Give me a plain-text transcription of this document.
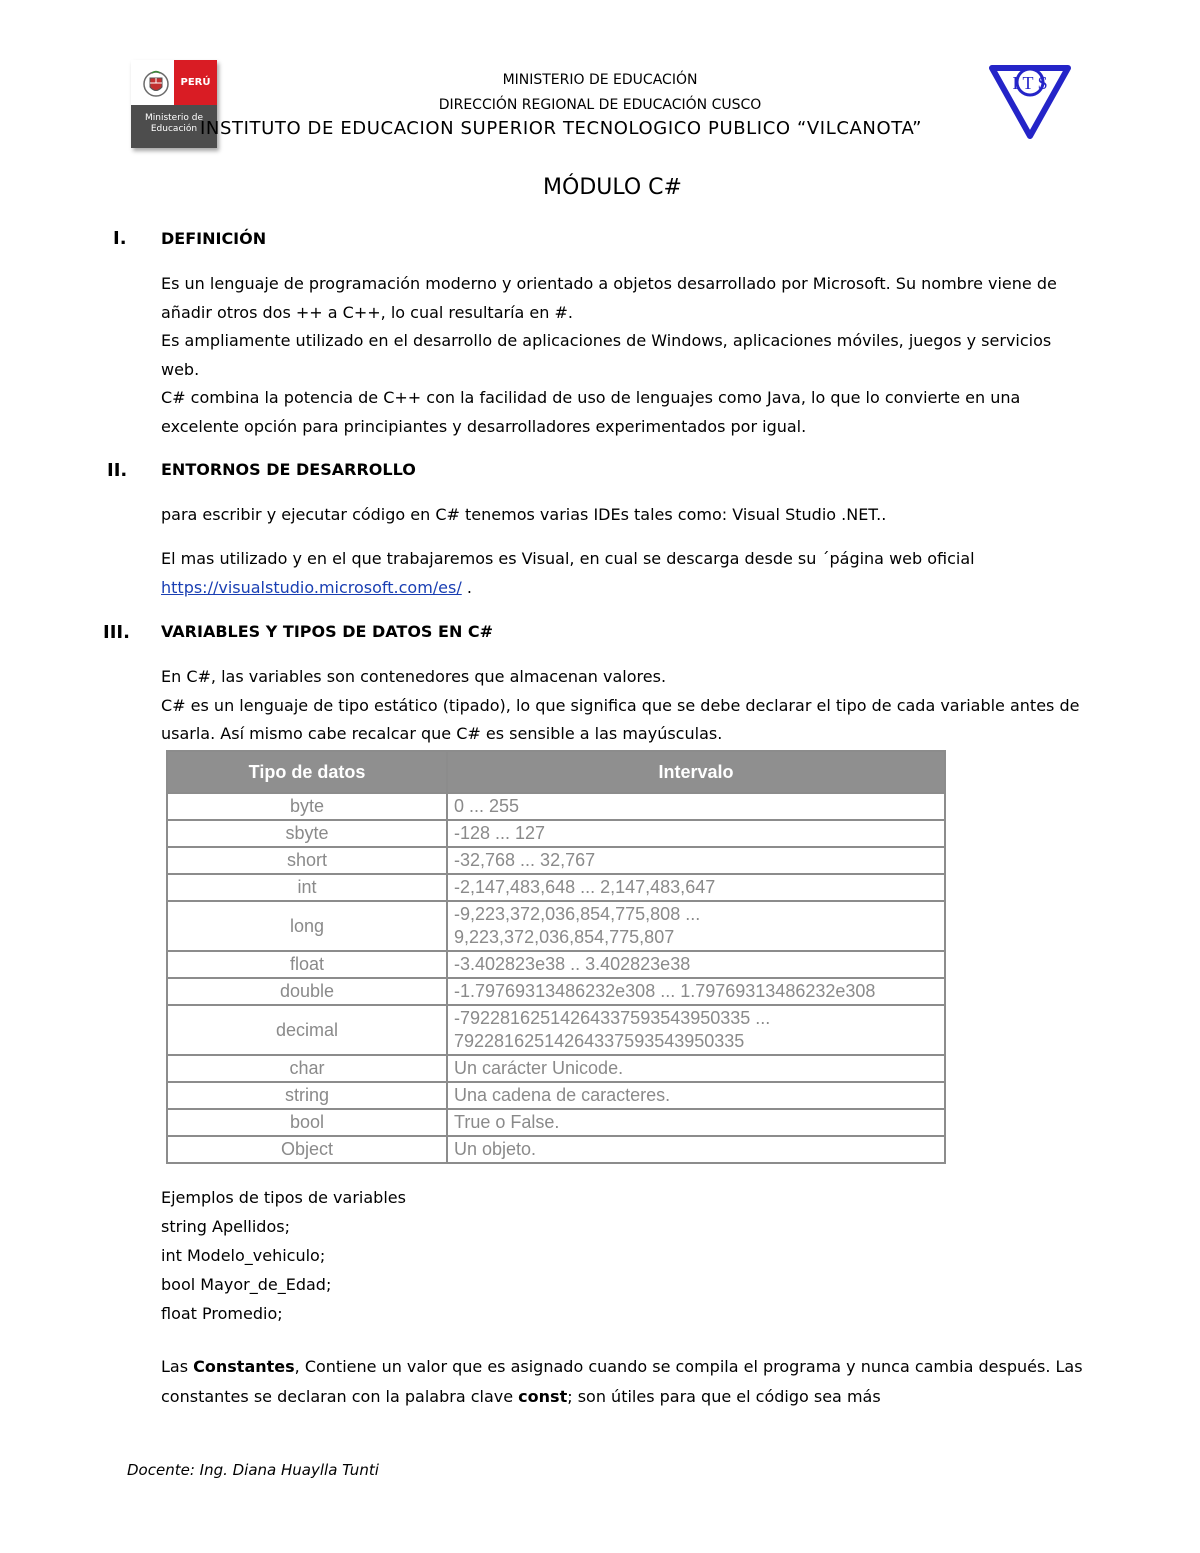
PERÚ
Ministerio de
Educación
MINISTERIO DE EDUCACIÓN
DIRECCIÓN REGIONAL DE EDUCACIÓN CUSCO
INSTITUTO DE EDUCACION SUPERIOR TECNOLOGICO PUBLICO “VILCANOTA”
I T S
MÓDULO C#
I. DEFINICIÓN
Es un lenguaje de programación moderno y orientado a objetos desarrollado por Microsoft. Su nombre viene de añadir otros dos ++ a C++, lo cual resultaría en #.
Es ampliamente utilizado en el desarrollo de aplicaciones de Windows, aplicaciones móviles, juegos y servicios web.
C# combina la potencia de C++ con la facilidad de uso de lenguajes como Java, lo que lo convierte en una excelente opción para principiantes y desarrolladores experimentados por igual.
II. ENTORNOS DE DESARROLLO
para escribir y ejecutar código en C# tenemos varias IDEs tales como: Visual Studio .NET..
El mas utilizado y en el que trabajaremos es Visual, en cual se descarga desde su ´página web oficial
https://visualstudio.microsoft.com/es/ .
III. VARIABLES Y TIPOS DE DATOS EN C#
En C#, las variables son contenedores que almacenan valores.
C# es un lenguaje de tipo estático (tipado), lo que significa que se debe declarar el tipo de cada variable antes de usarla. Así mismo cabe recalcar que C# es sensible a las mayúsculas.
Tipo de datos	Intervalo
byte	0 ... 255
sbyte	-128 ... 127
short	-32,768 ... 32,767
int	-2,147,483,648 ... 2,147,483,647
long	-9,223,372,036,854,775,808 ...
9,223,372,036,854,775,807

float	-3.402823e38 .. 3.402823e38
double	-1.79769313486232e308 ... 1.79769313486232e308
decimal	-79228162514264337593543950335 ...
79228162514264337593543950335

char	Un carácter Unicode.
string	Una cadena de caracteres.
bool	True o False.
Object	Un objeto.
Ejemplos de tipos de variables
string Apellidos;
int Modelo_vehiculo;
bool Mayor_de_Edad;
float Promedio;
Las Constantes, Contiene un valor que es asignado cuando se compila el programa y nunca cambia después. Las constantes se declaran con la palabra clave const; son útiles para que el código sea más
Docente: Ing. Diana Huaylla Tunti
